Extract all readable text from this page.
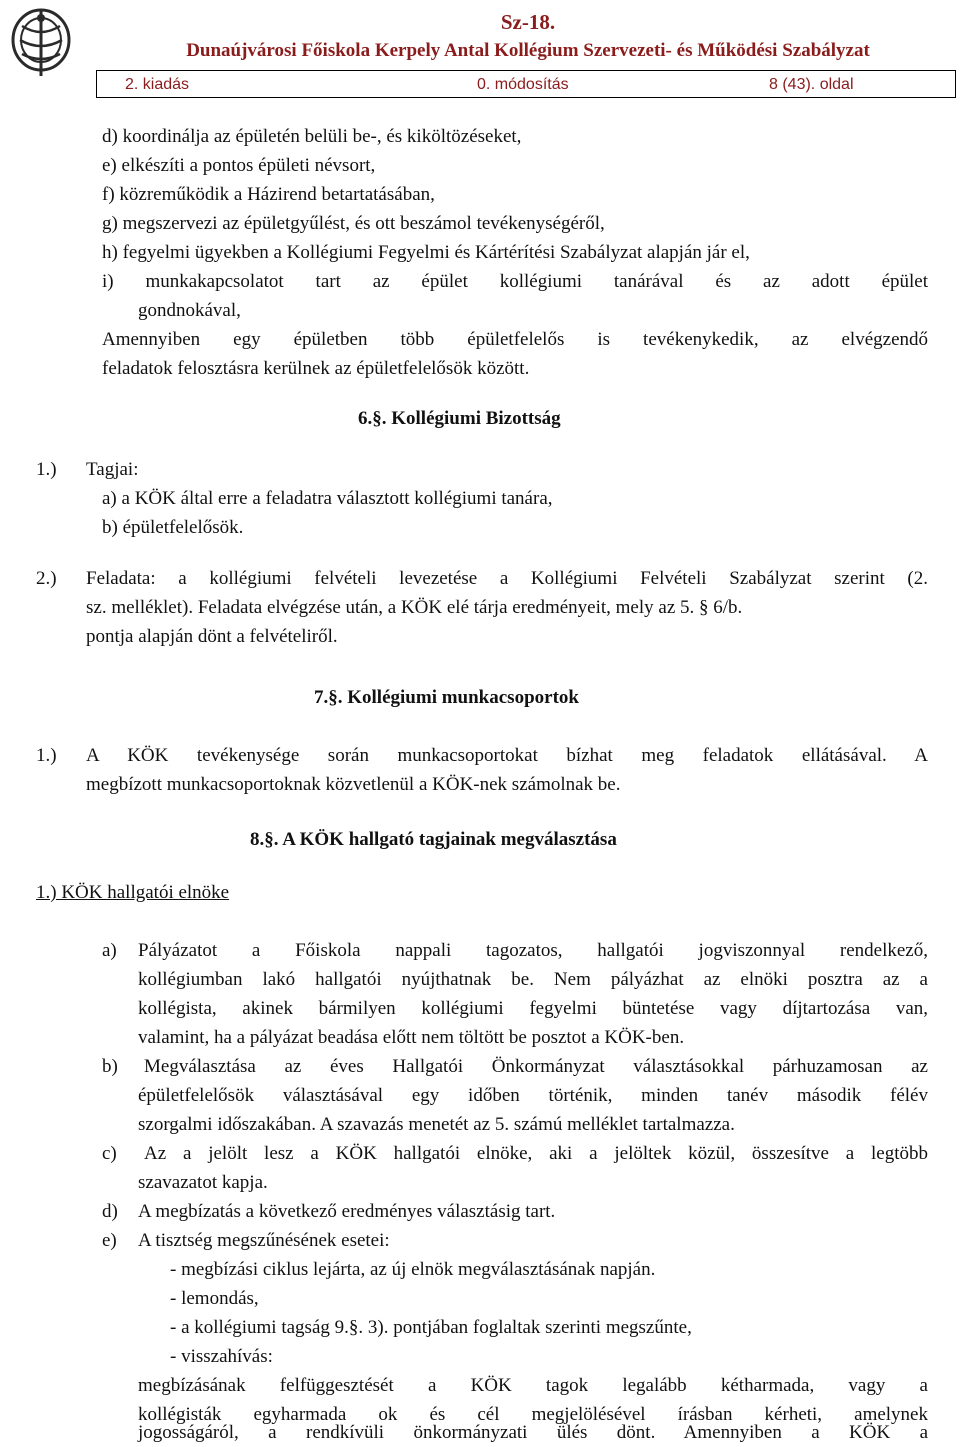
Sz-18.
Dunaújvárosi Főiskola Kerpely Antal Kollégium Szervezeti- és Működési Szabályzat
2. kiadás	0. módosítás	8 (43). oldal
d) koordinálja az épületén belüli be-, és kiköltözéseket,
e) elkészíti a pontos épületi névsort,
f) közreműködik a Házirend betartatásában,
g) megszervezi az épületgyűlést, és ott beszámol tevékenységéről,
h) fegyelmi ügyekben a Kollégiumi Fegyelmi és Kártérítési Szabályzat alapján jár el,
i) munkakapcsolatot tart az épület kollégiumi tanárával és az adott épület
gondnokával,
Amennyiben egy épületben több épületfelelős is tevékenykedik, az elvégzendő
feladatok felosztásra kerülnek az épületfelelősök között.
6.§. Kollégiumi Bizottság
1.) Tagjai:
a) a KÖK által erre a feladatra választott kollégiumi tanára,
b) épületfelelősök.
2.) Feladata: a kollégiumi felvételi levezetése a Kollégiumi Felvételi Szabályzat szerint (2.
sz. melléklet). Feladata elvégzése után, a KÖK elé tárja eredményeit, mely az 5. § 6/b.
pontja alapján dönt a felvételiről.
7.§. Kollégiumi munkacsoportok
1.) A KÖK tevékenysége során munkacsoportokat bízhat meg feladatok ellátásával. A
megbízott munkacsoportoknak közvetlenül a KÖK-nek számolnak be.
8.§. A KÖK hallgató tagjainak megválasztása
1.) KÖK hallgatói elnöke
a) Pályázatot a Főiskola nappali tagozatos, hallgatói jogviszonnyal rendelkező,
kollégiumban lakó hallgatói nyújthatnak be. Nem pályázhat az elnöki posztra az a
kollégista, akinek bármilyen kollégiumi fegyelmi büntetése vagy díjtartozása van,
valamint, ha a pályázat beadása előtt nem töltött be posztot a KÖK-ben.
b) Megválasztása az éves Hallgatói Önkormányzat választásokkal párhuzamosan az
épületfelelősök választásával egy időben történik, minden tanév második félév
szorgalmi időszakában. A szavazás menetét az 5. számú melléklet tartalmazza.
c) Az a jelölt lesz a KÖK hallgatói elnöke, aki a jelöltek közül, összesítve a legtöbb
szavazatot kapja.
d) A megbízatás a következő eredményes választásig tart.
e) A tisztség megszűnésének esetei:
- megbízási ciklus lejárta, az új elnök megválasztásának napján.
- lemondás,
- a kollégiumi tagság 9.§. 3). pontjában foglaltak szerinti megszűnte,
- visszahívás:
megbízásának felfüggesztését a KÖK tagok legalább kétharmada, vagy a
kollégisták egyharmada ok és cél megjelölésével írásban kérheti, amelynek
jogosságáról, a rendkívüli önkormányzati ülés dönt. Amennyiben a KÖK a
